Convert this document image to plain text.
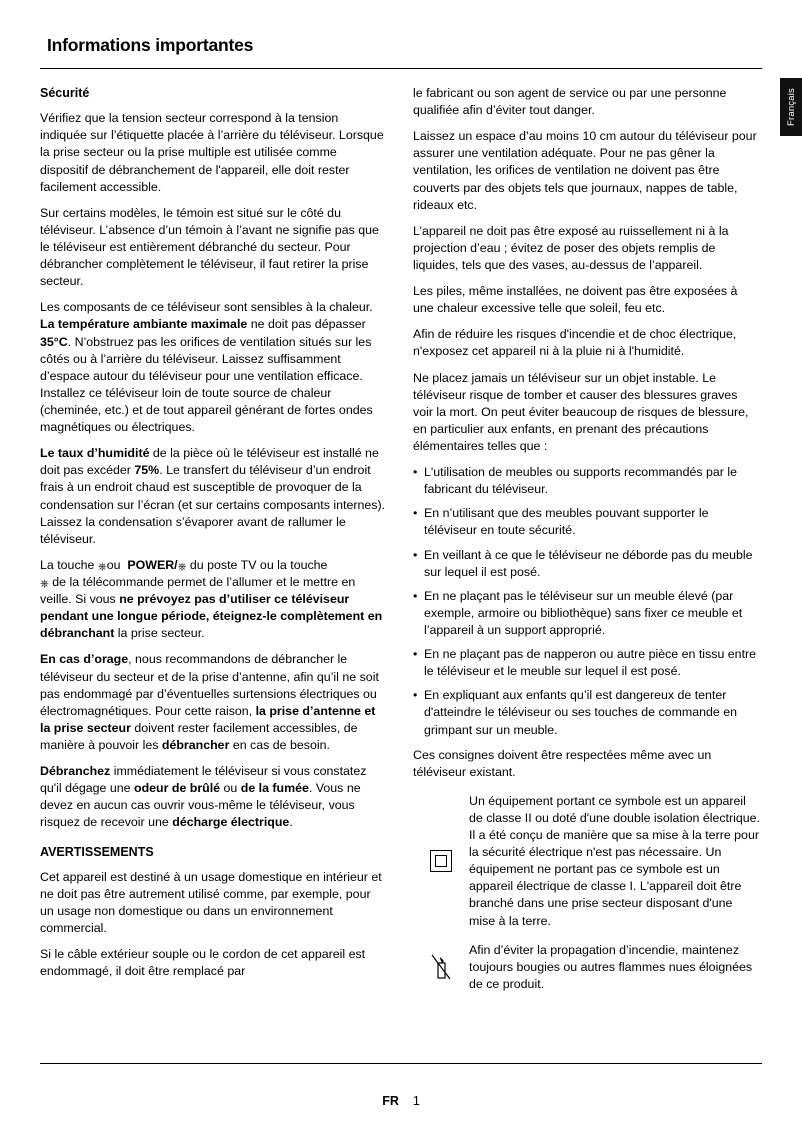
Français
Informations importantes
Sécurité

Vérifiez que la tension secteur correspond à la tension indiquée sur l’étiquette placée à l’arrière du téléviseur. Lorsque la prise secteur ou la prise multiple est utilisée comme dispositif de débranchement de l'appareil, elle doit rester facilement accessible.

Sur certains modèles, le témoin est situé sur le côté du téléviseur. L’absence d’un témoin à l’avant ne signifie pas que le téléviseur est entièrement débranché du secteur. Pour débrancher complètement le téléviseur, il faut retirer la prise secteur.

Les composants de ce téléviseur sont sensibles à la chaleur. La température ambiante maximale ne doit pas dépasser 35°C. N’obstruez pas les orifices de ventilation situés sur les côtés ou à l’arrière du téléviseur. Laissez suffisamment d’espace autour du téléviseur pour une ventilation efficace. Installez ce téléviseur loin de toute source de chaleur (cheminée, etc.) et de tout appareil générant de fortes ondes magnétiques ou électriques.

Le taux d’humidité de la pièce où le téléviseur est installé ne doit pas excéder 75%. Le transfert du téléviseur d’un endroit frais à un endroit chaud est susceptible de provoquer de la condensation sur l’écran (et sur certains composants internes). Laissez la condensation s’évaporer avant de rallumer le téléviseur.

La touche ⎈ou POWER/⎈ du poste TV ou la touche
⎈ de la télécommande permet de l’allumer et le mettre en veille. Si vous ne prévoyez pas d’utiliser ce téléviseur pendant une longue période, éteignez-le complètement en débranchant la prise secteur.

En cas d’orage, nous recommandons de débrancher le téléviseur du secteur et de la prise d’antenne, afin qu’il ne soit pas endommagé par d’éventuelles surtensions électriques ou électromagnétiques. Pour cette raison, la prise d’antenne et la prise secteur doivent rester facilement accessibles, de manière à pouvoir les débrancher en cas de besoin.

Débranchez immédiatement le téléviseur si vous constatez qu'il dégage une odeur de brûlé ou de la fumée. Vous ne devez en aucun cas ouvrir vous-même le téléviseur, vous risquez de recevoir une décharge électrique.

AVERTISSEMENTS

Cet appareil est destiné à un usage domestique en intérieur et ne doit pas être autrement utilisé comme, par exemple, pour un usage non domestique ou dans un environnement commercial.

Si le câble extérieur souple ou le cordon de cet appareil est endommagé, il doit être remplacé par

le fabricant ou son agent de service ou par une personne qualifiée afin d’éviter tout danger.

Laissez un espace d’au moins 10 cm autour du téléviseur pour assurer une ventilation adéquate. Pour ne pas gêner la ventilation, les orifices de ventilation ne doivent pas être couverts par des objets tels que journaux, nappes de table, rideaux etc.

L’appareil ne doit pas être exposé au ruissellement ni à la projection d’eau ; évitez de poser des objets remplis de liquides, tels que des vases, au-dessus de l’appareil.

Les piles, même installées, ne doivent pas être exposées à une chaleur excessive telle que soleil, feu etc.

Afin de réduire les risques d'incendie et de choc électrique, n'exposez cet appareil ni à la pluie ni à l'humidité.

Ne placez jamais un téléviseur sur un objet instable. Le téléviseur risque de tomber et causer des blessures graves voir la mort. On peut éviter beaucoup de risques de blessure, en particulier aux enfants, en prenant des précautions élémentaires telles que :

• L'utilisation de meubles ou supports recommandés par le fabricant du téléviseur.
• En n’utilisant que des meubles pouvant supporter le téléviseur en toute sécurité.
• En veillant à ce que le téléviseur ne déborde pas du meuble sur lequel il est posé.
• En ne plaçant pas le téléviseur sur un meuble élevé (par exemple, armoire ou bibliothèque) sans fixer ce meuble et l’appareil à un support approprié.
• En ne plaçant pas de napperon ou autre pièce en tissu entre le téléviseur et le meuble sur lequel il est posé.
• En expliquant aux enfants qu’il est dangereux de tenter d'atteindre le téléviseur ou ses touches de commande en grimpant sur un meuble.

Ces consignes doivent être respectées même avec un téléviseur existant.

Un équipement portant ce symbole est un appareil de classe II ou doté d'une double isolation électrique. Il a été conçu de manière que sa mise à la terre pour la sécurité électrique n'est pas nécessaire. Un équipement ne portant pas ce symbole est un appareil électrique de classe I. L'appareil doit être branché dans une prise secteur disposant d'une mise à la terre.
Afin d’éviter la propagation d’incendie, maintenez toujours bougies ou autres flammes nues éloignées de ce produit.
FR 1
